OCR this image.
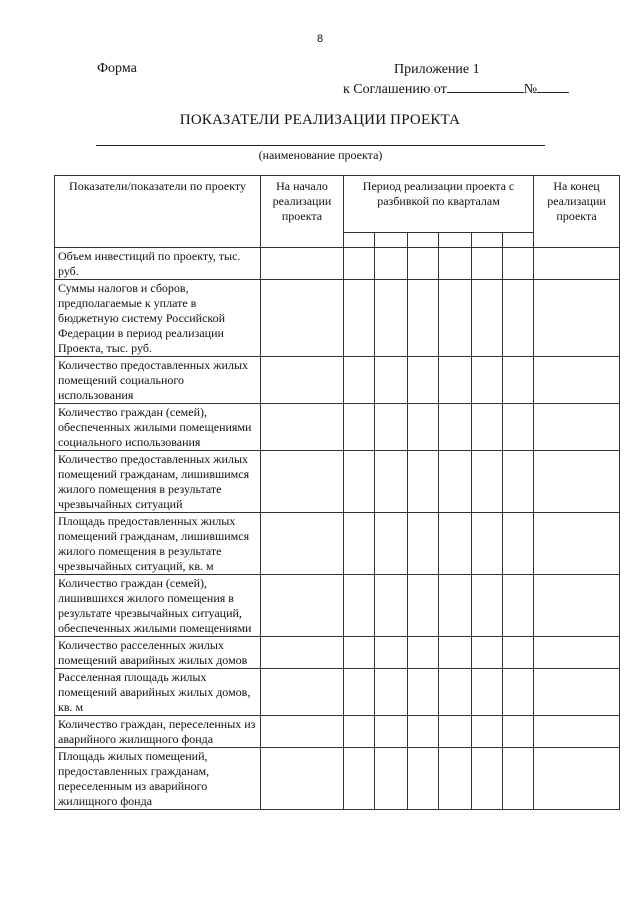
8
Форма	Приложение 1
к Соглашению от	№
ПОКАЗАТЕЛИ РЕАЛИЗАЦИИ ПРОЕКТА
(наименование проекта)
Показатели/показатели по проекту	На начало реализации проекта	Период реализации проекта с разбивкой по кварталам						На конец реализации проекта

Объем инвестиций по проекту, тыс. руб.								
Суммы налогов и сборов, предполагаемые к уплате в бюджетную систему Российской Федерации в период реализации Проекта, тыс. руб.								
Количество предоставленных жилых помещений социального использования								
Количество граждан (семей), обеспеченных жилыми помещениями социального использования								
Количество предоставленных жилых помещений гражданам, лишившимся жилого помещения в результате чрезвычайных ситуаций								
Площадь предоставленных жилых помещений гражданам, лишившимся жилого помещения в результате чрезвычайных ситуаций, кв. м								
Количество граждан (семей), лишившихся жилого помещения в результате чрезвычайных ситуаций, обеспеченных жилыми помещениями								
Количество расселенных жилых помещений аварийных жилых домов								
Расселенная площадь жилых помещений аварийных жилых домов, кв. м								
Количество граждан, переселенных из аварийного жилищного фонда								
Площадь жилых помещений, предоставленных гражданам, переселенным из аварийного жилищного фонда								
